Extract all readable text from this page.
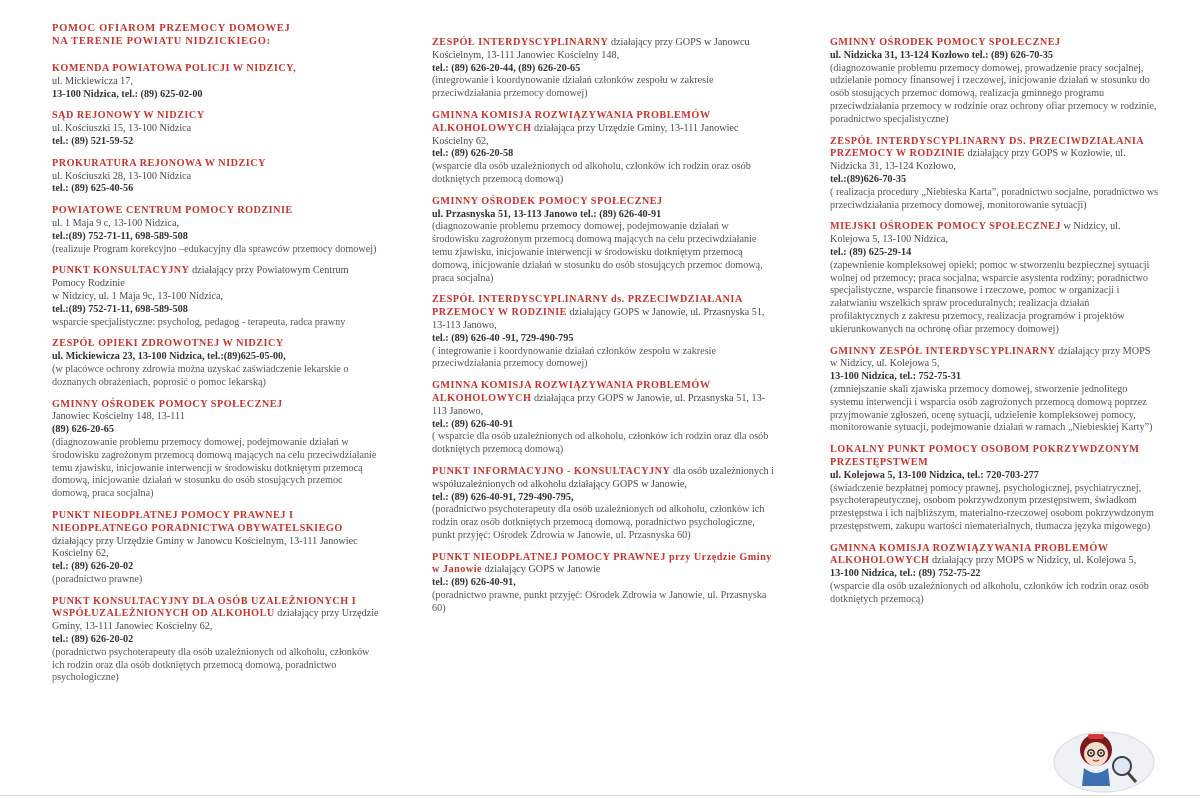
POMOC OFIAROM PRZEMOCY DOMOWEJ
NA TERENIE POWIATU NIDZICKIEGO:
KOMENDA POWIATOWA POLICJI W NIDZICY,
ul. Mickiewicza 17,
13-100 Nidzica, tel.: (89) 625-02-00
SĄD REJONOWY W NIDZICY
ul. Kościuszki 15, 13-100 Nidzica
tel.: (89) 521-59-52
PROKURATURA REJONOWA W NIDZICY
ul. Kościuszki 28, 13-100 Nidzica
tel.: (89) 625-40-56
POWIATOWE CENTRUM POMOCY RODZINIE
ul. 1 Maja 9 c, 13-100 Nidzica,
tel.:(89) 752-71-11, 698-589-508
(realizuje Program korekcyjno –edukacyjny dla sprawców przemocy domowej)
PUNKT KONSULTACYJNY działający przy Powiatowym Centrum Pomocy Rodzinie
w Nidzicy, ul. 1 Maja 9c, 13-100 Nidzica,
tel.:(89) 752-71-11, 698-589-508
wsparcie specjalistyczne: psycholog, pedagog - terapeuta, radca prawny
ZESPÓŁ OPIEKI ZDROWOTNEJ W NIDZICY
ul. Mickiewicza 23, 13-100 Nidzica, tel.:(89)625-05-00,
(w placówce ochrony zdrowia można uzyskać zaświadczenie lekarskie o doznanych obrażeniach, poprosić o pomoc lekarską)
GMINNY OŚRODEK POMOCY SPOŁECZNEJ
Janowiec Kościelny 148, 13-111
(89) 626-20-65
(diagnozowanie problemu przemocy domowej, podejmowanie działań w środowisku zagrożonym przemocą domową mających na celu przeciwdziałanie temu zjawisku, inicjowanie interwencji w środowisku dotkniętym przemocą domową, inicjowanie działań w stosunku do osób stosujących przemoc domową, praca socjalna)
PUNKT NIEODPŁATNEJ POMOCY PRAWNEJ I NIEODPŁATNEGO PORADNICTWA OBYWATELSKIEGO działający przy Urzędzie Gminy w Janowcu Kościelnym, 13-111 Janowiec Kościelny 62,
tel.: (89) 626-20-02
(poradnictwo prawne)
PUNKT KONSULTACYJNY DLA OSÓB UZALEŻNIONYCH I WSPÓŁUZALEŻNIONYCH OD ALKOHOLU działający przy Urzędzie Gminy, 13-111 Janowiec Kościelny 62,
tel.: (89) 626-20-02
(poradnictwo psychoterapeuty dla osób uzależnionych od alkoholu, członków ich rodzin oraz dla osób dotkniętych przemocą domową, poradnictwo psychologiczne)
ZESPÓŁ INTERDYSCYPLINARNY działający przy GOPS w Janowcu Kościelnym, 13-111 Janowiec Kościelny 148,
tel.: (89) 626-20-44, (89) 626-20-65
(integrowanie i koordynowanie działań członków zespołu w zakresie przeciwdziałania przemocy domowej)
GMINNA KOMISJA ROZWIĄZYWANIA PROBLEMÓW ALKOHOLOWYCH działająca przy Urzędzie Gminy, 13-111 Janowiec Kościelny 62,
tel.: (89) 626-20-58
(wsparcie dla osób uzależnionych od alkoholu, członków ich rodzin oraz osób dotkniętych przemocą domową)
GMINNY OŚRODEK POMOCY SPOŁECZNEJ
ul. Przasnyska 51, 13-113 Janowo tel.: (89) 626-40-91
(diagnozowanie problemu przemocy domowej, podejmowanie działań w środowisku zagrożonym przemocą domową mających na celu przeciwdziałanie temu zjawisku, inicjowanie interwencji w środowisku dotkniętym przemocą domową, inicjowanie działań w stosunku do osób stosujących przemoc domową, praca socjalna)
ZESPÓŁ INTERDYSCYPLINARNY ds. PRZECIWDZIAŁANIA PRZEMOCY W RODZINIE działający GOPS w Janowie, ul. Przasnyska 51, 13-113 Janowo,
tel.: (89) 626-40 -91, 729-490-795
( integrowanie i koordynowanie działań członków zespołu w zakresie przeciwdziałania przemocy domowej)
GMINNA KOMISJA ROZWIĄZYWANIA PROBLEMÓW ALKOHOLOWYCH działająca przy GOPS w Janowie, ul. Przasnyska 51, 13-113 Janowo,
tel.: (89) 626-40-91
( wsparcie dla osób uzależnionych od alkoholu, członków ich rodzin oraz dla osób dotkniętych przemocą domową)
PUNKT INFORMACYJNO - KONSULTACYJNY dla osób uzależnionych i współuzależnionych od alkoholu działający GOPS w Janowie,
tel.: (89) 626-40-91, 729-490-795,
(poradnictwo psychoterapeuty dla osób uzależnionych od alkoholu, członków ich rodzin oraz osób dotkniętych przemocą domową, poradnictwo psychologiczne, punkt przyjęć: Ośrodek Zdrowia w Janowie, ul. Przasnyska 60)
PUNKT NIEODPŁATNEJ POMOCY PRAWNEJ przy Urzędzie Gminy w Janowie działający GOPS w Janowie
tel.: (89) 626-40-91,
(poradnictwo prawne, punkt przyjęć: Ośrodek Zdrowia w Janowie, ul. Przasnyska 60)
GMINNY OŚRODEK POMOCY SPOŁECZNEJ
ul. Nidzicka 31, 13-124 Kozłowo tel.: (89) 626-70-35
(diagnozowanie problemu przemocy domowej, prowadzenie pracy socjalnej, udzielanie pomocy finansowej i rzeczowej, inicjowanie działań w stosunku do osób stosujących przemoc domową, realizacja gminnego programu przeciwdziałania przemocy w rodzinie oraz ochrony ofiar przemocy w rodzinie, poradnictwo specjalistyczne)
ZESPÓŁ INTERDYSCYPLINARNY DS. PRZECIWDZIAŁANIA PRZEMOCY W RODZINIE działający przy GOPS w Kozłowie, ul. Nidzicka 31, 13-124 Kozłowo,
tel.:(89)626-70-35
( realizacja procedury „Niebieska Karta”, poradnictwo socjalne, poradnictwo ws przeciwdziałania przemocy domowej, monitorowanie sytuacji)
MIEJSKI OŚRODEK POMOCY SPOŁECZNEJ w Nidzicy, ul. Kolejowa 5, 13-100 Nidzica,
tel.: (89) 625-29-14
(zapewnienie kompleksowej opieki; pomoc w stworzeniu bezpiecznej sytuacji wolnej od przemocy; praca socjalna; wsparcie asystenta rodziny; poradnictwo specjalistyczne, wsparcie finansowe i rzeczowe, pomoc w organizacji i załatwianiu wszelkich spraw proceduralnych; realizacja działań profilaktycznych z zakresu przemocy, realizacja programów i projektów ukierunkowanych na ochronę ofiar przemocy domowej)
GMINNY ZESPÓŁ INTERDYSCYPLINARNY działający przy MOPS w Nidzicy, ul. Kolejowa 5,
13-100 Nidzica, tel.: 752-75-31
(zmniejszanie skali zjawiska przemocy domowej, stworzenie jednolitego systemu interwencji i wsparcia osób zagrożonych przemocą domową poprzez przyjmowanie zgłoszeń, ocenę sytuacji, udzielenie kompleksowej pomocy, monitorowanie sytuacji, podejmowanie działań w ramach „Niebieskiej Karty”)
LOKALNY PUNKT POMOCY OSOBOM POKRZYWDZONYM PRZESTĘPSTWEM
ul. Kolejowa 5, 13-100 Nidzica, tel.: 720-703-277
(świadczenie bezpłatnej pomocy prawnej, psychologicznej, psychiatrycznej, psychoterapeutycznej, osobom pokrzywdzonym przestępstwem, świadkom przestępstwa i ich najbliższym, materialno-rzeczowej osobom pokrzywdzonym przestępstwem, zakupu wartości niematerialnych, tłumacza języka migowego)
GMINNA KOMISJA ROZWIĄZYWANIA PROBLEMÓW ALKOHOLOWYCH działający przy MOPS w Nidzicy, ul. Kolejowa 5,
13-100 Nidzica, tel.: (89) 752-75-22
(wsparcie dla osób uzależnionych od alkoholu, członków ich rodzin oraz osób dotkniętych przemocą)
